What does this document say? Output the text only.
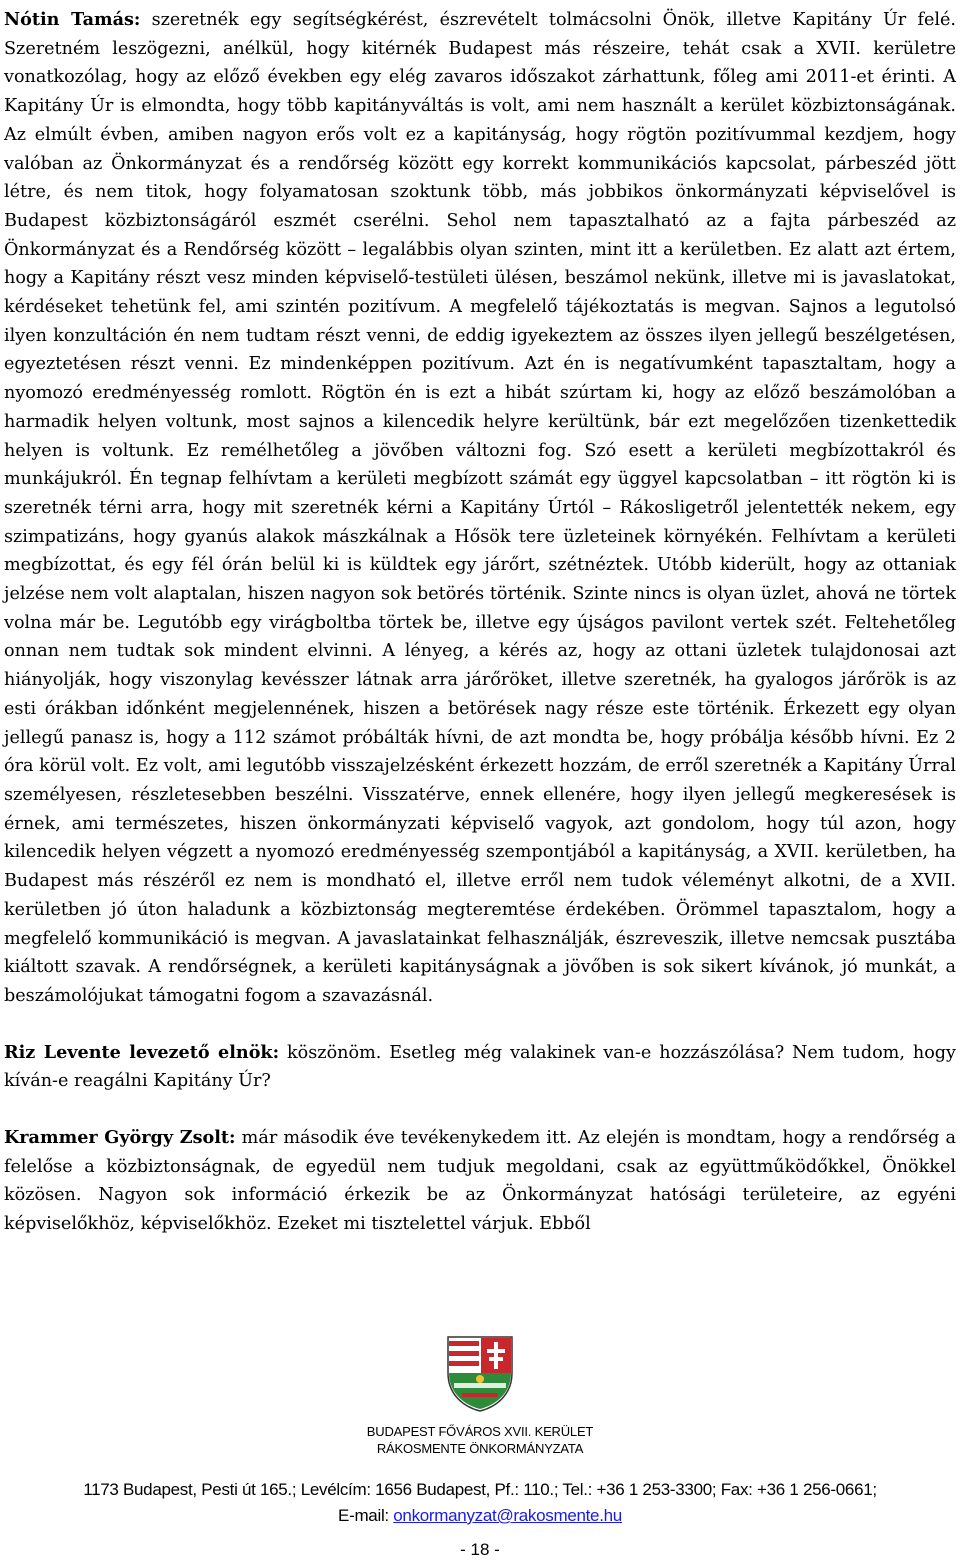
Nótin Tamás: szeretnék egy segítségkérést, észrevételt tolmácsolni Önök, illetve Kapitány Úr felé. Szeretném leszögezni, anélkül, hogy kitérnék Budapest más részeire, tehát csak a XVII. kerületre vonatkozólag, hogy az előző években egy elég zavaros időszakot zárhattunk, főleg ami 2011-et érinti. A Kapitány Úr is elmondta, hogy több kapitányváltás is volt, ami nem használt a kerület közbiztonságának. Az elmúlt évben, amiben nagyon erős volt ez a kapitányság, hogy rögtön pozitívummal kezdjem, hogy valóban az Önkormányzat és a rendőrség között egy korrekt kommunikációs kapcsolat, párbeszéd jött létre, és nem titok, hogy folyamatosan szoktunk több, más jobbikos önkormányzati képviselővel is Budapest közbiztonságáról eszmét cserélni. Sehol nem tapasztalható az a fajta párbeszéd az Önkormányzat és a Rendőrség között – legalábbis olyan szinten, mint itt a kerületben. Ez alatt azt értem, hogy a Kapitány részt vesz minden képviselő-testületi ülésen, beszámol nekünk, illetve mi is javaslatokat, kérdéseket tehetünk fel, ami szintén pozitívum. A megfelelő tájékoztatás is megvan. Sajnos a legutolsó ilyen konzultáción én nem tudtam részt venni, de eddig igyekeztem az összes ilyen jellegű beszélgetésen, egyeztetésen részt venni. Ez mindenképpen pozitívum. Azt én is negatívumként tapasztaltam, hogy a nyomozó eredményesség romlott. Rögtön én is ezt a hibát szúrtam ki, hogy az előző beszámolóban a harmadik helyen voltunk, most sajnos a kilencedik helyre kerültünk, bár ezt megelőzően tizenkettedik helyen is voltunk. Ez remélhetőleg a jövőben változni fog. Szó esett a kerületi megbízottakról és munkájukról. Én tegnap felhívtam a kerületi megbízott számát egy üggyel kapcsolatban – itt rögtön ki is szeretnék térni arra, hogy mit szeretnék kérni a Kapitány Úrtól – Rákosligetről jelentették nekem, egy szimpatizáns, hogy gyanús alakok mászkálnak a Hősök tere üzleteinek környékén. Felhívtam a kerületi megbízottat, és egy fél órán belül ki is küldtek egy járőrt, szétnéztek. Utóbb kiderült, hogy az ottaniak jelzése nem volt alaptalan, hiszen nagyon sok betörés történik. Szinte nincs is olyan üzlet, ahová ne törtek volna már be. Legutóbb egy virágboltba törtek be, illetve egy újságos pavilont vertek szét. Feltehetőleg onnan nem tudtak sok mindent elvinni. A lényeg, a kérés az, hogy az ottani üzletek tulajdonosai azt hiányolják, hogy viszonylag kevésszer látnak arra járőröket, illetve szeretnék, ha gyalogos járőrök is az esti órákban időnként megjelennének, hiszen a betörések nagy része este történik. Érkezett egy olyan jellegű panasz is, hogy a 112 számot próbálták hívni, de azt mondta be, hogy próbálja később hívni. Ez 2 óra körül volt. Ez volt, ami legutóbb visszajelzésként érkezett hozzám, de erről szeretnék a Kapitány Úrral személyesen, részletesebben beszélni. Visszatérve, ennek ellenére, hogy ilyen jellegű megkeresések is érnek, ami természetes, hiszen önkormányzati képviselő vagyok, azt gondolom, hogy túl azon, hogy kilencedik helyen végzett a nyomozó eredményesség szempontjából a kapitányság, a XVII. kerületben, ha Budapest más részéről ez nem is mondható el, illetve erről nem tudok véleményt alkotni, de a XVII. kerületben jó úton haladunk a közbiztonság megteremtése érdekében. Örömmel tapasztalom, hogy a megfelelő kommunikáció is megvan. A javaslatainkat felhasználják, észreveszik, illetve nemcsak pusztába kiáltott szavak. A rendőrségnek, a kerületi kapitányságnak a jövőben is sok sikert kívánok, jó munkát, a beszámolójukat támogatni fogom a szavazásnál.

Riz Levente levezető elnök: köszönöm. Esetleg még valakinek van-e hozzászólása? Nem tudom, hogy kíván-e reagálni Kapitány Úr?

Krammer György Zsolt: már második éve tevékenykedem itt. Az elején is mondtam, hogy a rendőrség a felelőse a közbiztonságnak, de egyedül nem tudjuk megoldani, csak az együttműködőkkel, Önökkel közösen. Nagyon sok információ érkezik be az Önkormányzat hatósági területeire, az egyéni képviselőkhöz, képviselőkhöz. Ezeket mi tisztelettel várjuk. Ebből

BUDAPEST FŐVÁROS XVII. KERÜLET
RÁKOSMENTE ÖNKORMÁNYZATA
1173 Budapest, Pesti út 165.; Levélcím: 1656 Budapest, Pf.: 110.; Tel.: +36 1 253-3300; Fax: +36 1 256-0661;
E-mail: onkormanyzat@rakosmente.hu
- 18 -
